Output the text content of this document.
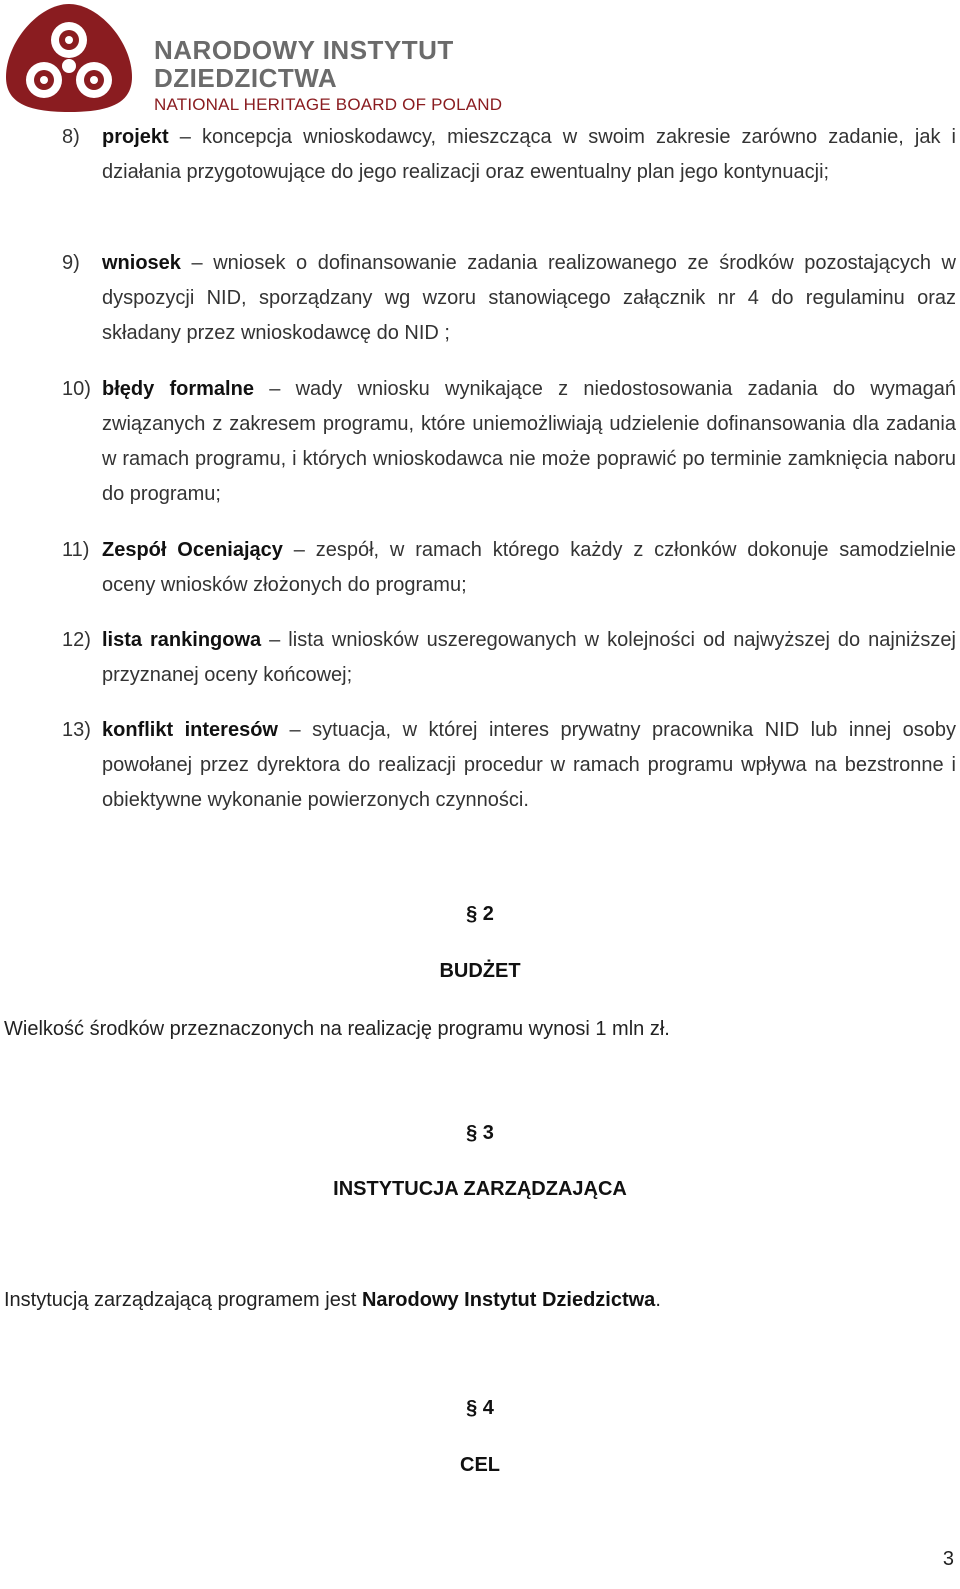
NARODOWY INSTYTUT
DZIEDZICTWA
NATIONAL HERITAGE BOARD OF POLAND
8) projekt – koncepcja wnioskodawcy, mieszcząca w swoim zakresie zarówno zadanie, jak i działania przygotowujące do jego realizacji oraz ewentualny plan jego kontynuacji;
9) wniosek – wniosek o dofinansowanie zadania realizowanego ze środków pozostających w dyspozycji NID, sporządzany wg wzoru stanowiącego załącznik nr 4 do regulaminu oraz składany przez wnioskodawcę do NID ;
10) błędy formalne – wady wniosku wynikające z niedostosowania zadania do wymagań związanych z zakresem programu, które uniemożliwiają udzielenie dofinansowania dla zadania w ramach programu, i których wnioskodawca nie może poprawić po terminie zamknięcia naboru do programu;
11) Zespół Oceniający – zespół, w ramach którego każdy z członków dokonuje samodzielnie oceny wniosków złożonych do programu;
12) lista rankingowa – lista wniosków uszeregowanych w kolejności od najwyższej do najniższej przyznanej oceny końcowej;
13) konflikt interesów – sytuacja, w której interes prywatny pracownika NID lub innej osoby powołanej przez dyrektora do realizacji procedur w ramach programu wpływa na bezstronne i obiektywne wykonanie powierzonych czynności.
§ 2
BUDŻET
Wielkość środków przeznaczonych na realizację programu wynosi 1 mln zł.
§ 3
INSTYTUCJA ZARZĄDZAJĄCA
Instytucją zarządzającą programem jest Narodowy Instytut Dziedzictwa.
§ 4
CEL
3
